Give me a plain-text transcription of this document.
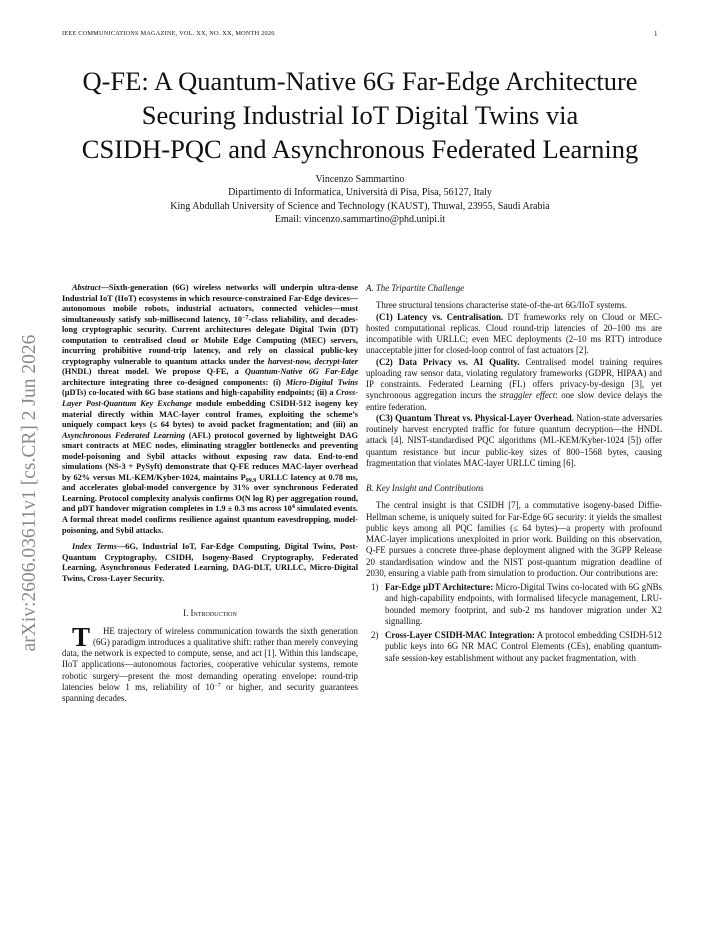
IEEE COMMUNICATIONS MAGAZINE, VOL. XX, NO. XX, MONTH 2026	1
Q-FE: A Quantum-Native 6G Far-Edge Architecture
Securing Industrial IoT Digital Twins via
CSIDH-PQC and Asynchronous Federated Learning
Vincenzo Sammartino
Dipartimento di Informatica, Università di Pisa, Pisa, 56127, Italy
King Abdullah University of Science and Technology (KAUST), Thuwal, 23955, Saudi Arabia
Email: vincenzo.sammartino@phd.unipi.it
arXiv:2606.03611v1 [cs.CR] 2 Jun 2026

Abstract—Sixth-generation (6G) wireless networks will underpin ultra-dense Industrial IoT (IIoT) ecosystems in which resource-constrained Far-Edge devices—autonomous mobile robots, industrial actuators, connected vehicles—must simultaneously satisfy sub-millisecond latency, $10^{-7}$-class reliability, and decades-long cryptographic security. Current architectures delegate Digital Twin (DT) computation to centralised cloud or Mobile Edge Computing (MEC) servers, incurring prohibitive round-trip latency, and rely on classical public-key cryptography vulnerable to quantum attacks under the harvest-now, decrypt-later (HNDL) threat model. We propose Q-FE, a Quantum-Native 6G Far-Edge architecture integrating three co-designed components: (i) Micro-Digital Twins (µDTs) co-located with 6G base stations and high-capability endpoints; (ii) a Cross-Layer Post-Quantum Key Exchange module embedding CSIDH-512 isogeny key material directly within MAC-layer control frames, exploiting the scheme’s uniquely compact keys (≤ 64 bytes) to avoid packet fragmentation; and (iii) an Asynchronous Federated Learning (AFL) protocol governed by lightweight DAG smart contracts at MEC nodes, eliminating straggler bottlenecks and preventing model-poisoning and Sybil attacks without exposing raw data. End-to-end simulations (NS-3 + PySyft) demonstrate that Q-FE reduces MAC-layer overhead by 62% versus ML-KEM/Kyber-1024, maintains $P_{99.9}$ URLLC latency at 0.78 ms, and accelerates global-model convergence by 31% over synchronous Federated Learning. Protocol complexity analysis confirms O(N log R) per aggregation round, and µDT handover migration completes in 1.9 ± 0.3 ms across $10^4$ simulated events. A formal threat model confirms resilience against quantum eavesdropping, model-poisoning, and Sybil attacks.

Index Terms—6G, Industrial IoT, Far-Edge Computing, Digital Twins, Post-Quantum Cryptography, CSIDH, Isogeny-Based Cryptography, Federated Learning, Asynchronous Federated Learning, DAG-DLT, URLLC, Micro-Digital Twins, Cross-Layer Security.

I. Introduction

T HE trajectory of wireless communication towards the sixth generation (6G) paradigm introduces a qualitative shift: rather than merely conveying data, the network is expected to compute, sense, and act [1]. Within this landscape, IIoT applications—autonomous factories, cooperative vehicular systems, remote robotic surgery—present the most demanding operating envelope: round-trip latencies below 1 ms, reliability of $10^{-7}$ or higher, and security guarantees spanning decades.

A. The Tripartite Challenge

Three structural tensions characterise state-of-the-art 6G/IIoT systems.

(C1) Latency vs. Centralisation. DT frameworks rely on Cloud or MEC-hosted computational replicas. Cloud round-trip latencies of 20–100 ms are incompatible with URLLC; even MEC deployments (2–10 ms RTT) introduce unacceptable jitter for closed-loop control of fast actuators [2].

(C2) Data Privacy vs. AI Quality. Centralised model training requires uploading raw sensor data, violating regulatory frameworks (GDPR, HIPAA) and IP constraints. Federated Learning (FL) offers privacy-by-design [3], yet synchronous aggregation incurs the straggler effect: one slow device delays the entire federation.

(C3) Quantum Threat vs. Physical-Layer Overhead. Nation-state adversaries routinely harvest encrypted traffic for future quantum decryption—the HNDL attack [4]. NIST-standardised PQC algorithms (ML-KEM/Kyber-1024 [5]) offer quantum resistance but incur public-key sizes of 800–1568 bytes, causing fragmentation that violates MAC-layer URLLC timing [6].

B. Key Insight and Contributions

The central insight is that CSIDH [7], a commutative isogeny-based Diffie-Hellman scheme, is uniquely suited for Far-Edge 6G security: it yields the smallest public keys among all PQC families (≤ 64 bytes)—a property with profound MAC-layer implications unexploited in prior work. Building on this observation, Q-FE pursues a concrete three-phase deployment aligned with the 3GPP Release 20 standardisation window and the NIST post-quantum migration deadline of 2030, ensuring a viable path from simulation to production. Our contributions are:

1) Far-Edge µDT Architecture: Micro-Digital Twins co-located with 6G gNBs and high-capability endpoints, with formalised lifecycle management, LRU-bounded memory footprint, and sub-2 ms handover migration under X2 signalling.
2) Cross-Layer CSIDH-MAC Integration: A protocol embedding CSIDH-512 public keys into 6G NR MAC Control Elements (CEs), enabling quantum-safe session-key establishment without any packet fragmentation, with
